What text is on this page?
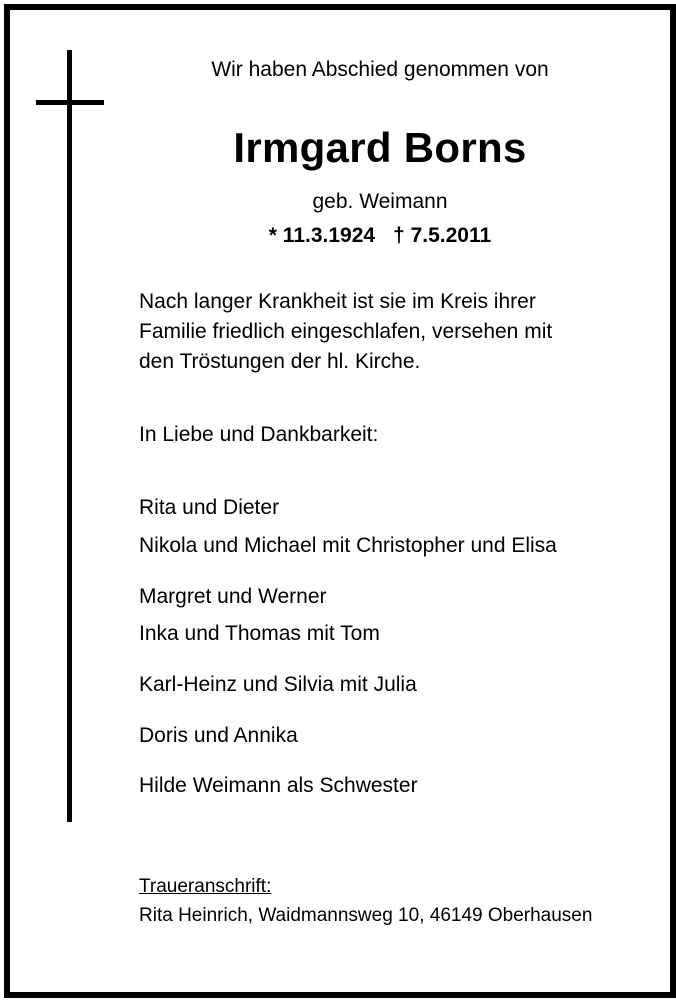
Wir haben Abschied genommen von
Irmgard Borns
geb. Weimann
* 11.3.1924 † 7.5.2011
Nach langer Krankheit ist sie im Kreis ihrer
Familie friedlich eingeschlafen, versehen mit
den Tröstungen der hl. Kirche.
In Liebe und Dankbarkeit:
Rita und Dieter
Nikola und Michael mit Christopher und Elisa
Margret und Werner
Inka und Thomas mit Tom
Karl-Heinz und Silvia mit Julia
Doris und Annika
Hilde Weimann als Schwester
Traueranschrift:
Rita Heinrich, Waidmannsweg 10, 46149 Oberhausen
